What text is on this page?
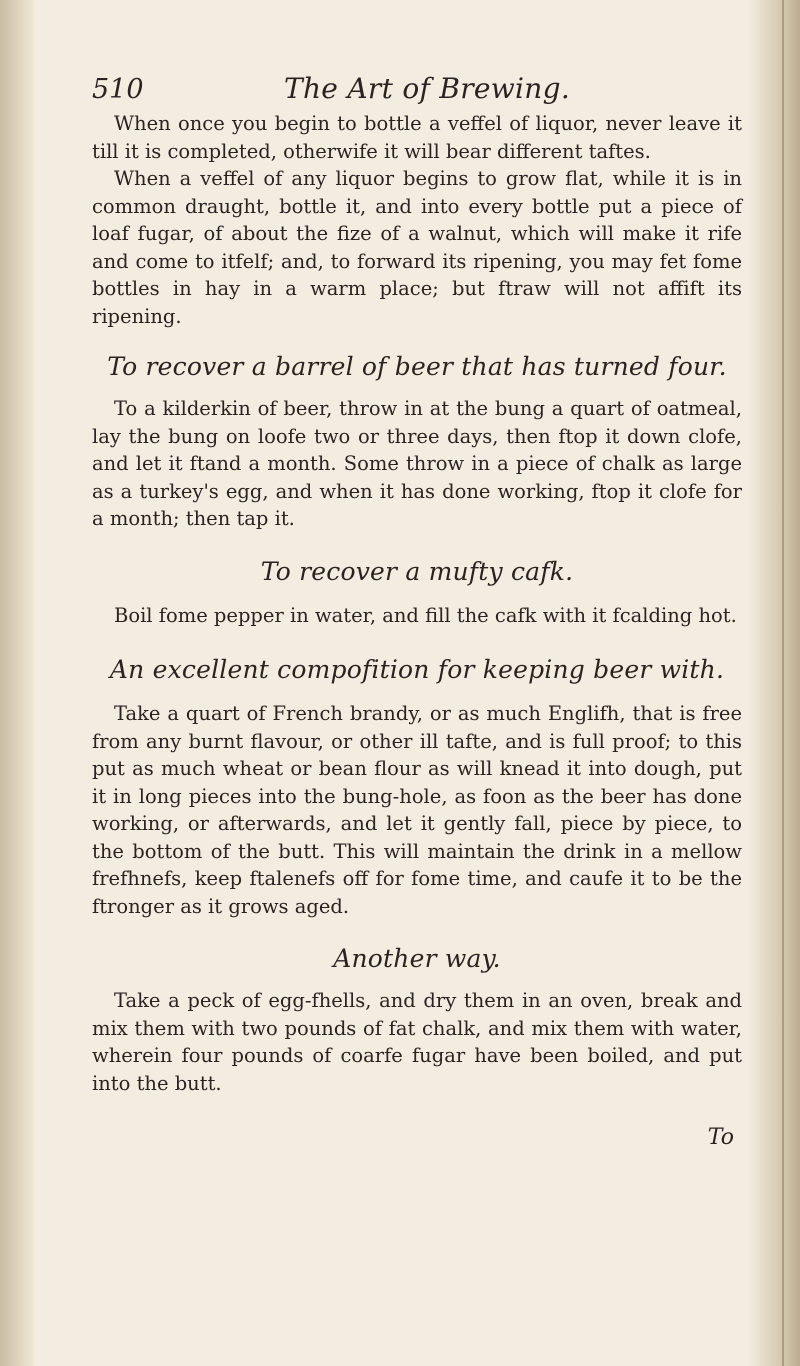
510	The Art of Brewing.

When once you begin to bottle a veffel of liquor, never leave it till it is completed, otherwife it will bear different taftes.

When a veffel of any liquor begins to grow flat, while it is in common draught, bottle it, and into every bottle put a piece of loaf fugar, of about the fize of a walnut, which will make it rife and come to itfelf; and, to forward its ripening, you may fet fome bottles in hay in a warm place; but ftraw will not affift its ripening.

To recover a barrel of beer that has turned four.

To a kilderkin of beer, throw in at the bung a quart of oatmeal, lay the bung on loofe two or three days, then ftop it down clofe, and let it ftand a month. Some throw in a piece of chalk as large as a turkey's egg, and when it has done working, ftop it clofe for a month; then tap it.

To recover a mufty cafk.

Boil fome pepper in water, and fill the cafk with it fcalding hot.

An excellent compofition for keeping beer with.

Take a quart of French brandy, or as much Englifh, that is free from any burnt flavour, or other ill tafte, and is full proof; to this put as much wheat or bean flour as will knead it into dough, put it in long pieces into the bung-hole, as foon as the beer has done working, or afterwards, and let it gently fall, piece by piece, to the bottom of the butt. This will maintain the drink in a mellow frefhnefs, keep ftalenefs off for fome time, and caufe it to be the ftronger as it grows aged.

Another way.

Take a peck of egg-fhells, and dry them in an oven, break and mix them with two pounds of fat chalk, and mix them with water, wherein four pounds of coarfe fugar have been boiled, and put into the butt.

To
